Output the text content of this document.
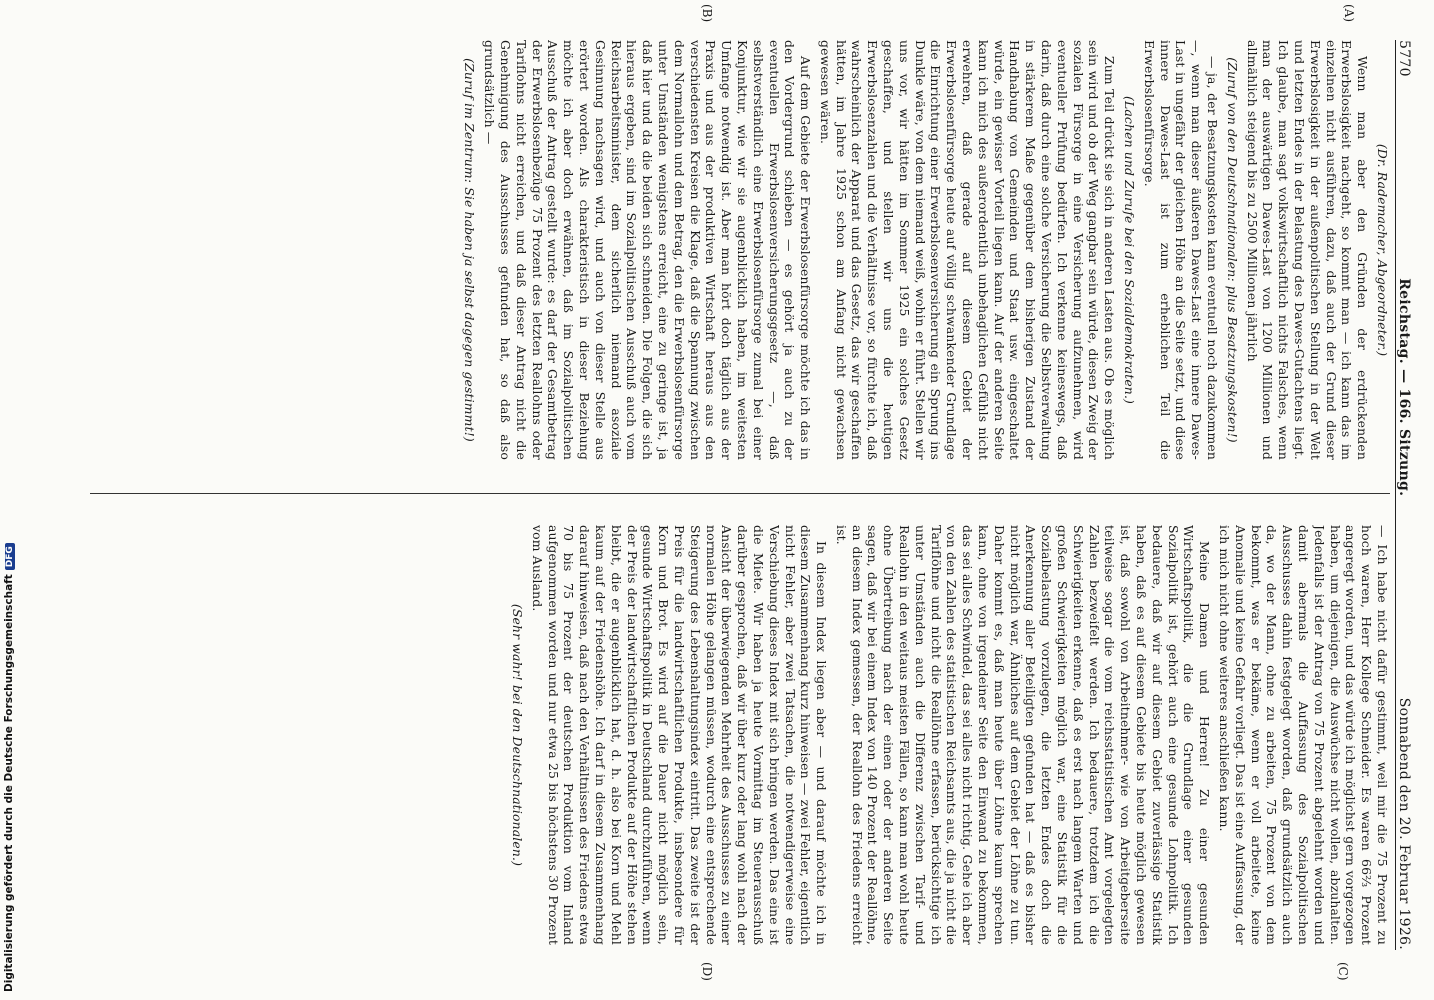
5770
Reichstag. — 166. Sitzung.
Sonnabend den 20. Februar 1926.
(A)
(B)
(C)
(D)

(Dr. Rademacher, Abgeordneter.)

Wenn man aber den Gründen der erdrückenden Erwerbslosigkeit nachgeht, so kommt man — ich kann das im einzelnen nicht ausführen, dazu, daß auch der Grund dieser Erwerbslosigkeit in der außenpolitischen Stellung in der Welt und letzten Endes in der Belastung des Dawes-Gutachtens liegt. Ich glaube, man sagt volkswirtschaftlich nichts Falsches, wenn man der auswärtigen Dawes-Last von 1200 Millionen und allmählich steigend bis zu 2500 Millionen jährlich

(Zuruf von den Deutschnationalen: plus Besatzungskosten!)

— ja, der Besatzungskosten kann eventuell noch dazukommen —, wenn man dieser äußeren Dawes-Last eine innere Dawes-Last in ungefähr der gleichen Höhe an die Seite setzt, und diese innere Dawes-Last ist zum erheblichen Teil die Erwerbslosenfürsorge.

(Lachen und Zurufe bei den Sozialdemokraten.)

Zum Teil drückt sie sich in anderen Lasten aus. Ob es möglich sein wird und ob der Weg gangbar sein würde, diesen Zweig der sozialen Fürsorge in eine Versicherung aufzunehmen, wird eventueller Prüfung bedürfen. Ich verkenne keineswegs, daß darin, daß durch eine solche Versicherung die Selbstverwaltung in stärkerem Maße gegenüber dem bisherigen Zustand der Handhabung von Gemeinden und Staat usw. eingeschaltet würde, ein gewisser Vorteil liegen kann. Auf der anderen Seite kann ich mich des außerordentlich unbehaglichen Gefühls nicht erwehren, daß gerade auf diesem Gebiet der Erwerbslosenfürsorge heute auf völlig schwankender Grundlage die Einrichtung einer Erwerbslosenversicherung ein Sprung ins Dunkle wäre, von dem niemand weiß, wohin er führt. Stellen wir uns vor, wir hätten im Sommer 1925 ein solches Gesetz geschaffen, und stellen wir uns die heutigen Erwerbslosenzahlen und die Verhältnisse vor, so fürchte ich, daß wahrscheinlich der Apparat und das Gesetz, das wir geschaffen hätten, im Jahre 1925 schon am Anfang nicht gewachsen gewesen wären.

Auf dem Gebiete der Erwerbslosenfürsorge möchte ich das in den Vordergrund schieben — es gehört ja auch zu der eventuellen Erwerbslosenversicherungsgesetz —, daß selbstverständlich eine Erwerbslosenfürsorge zumal bei einer Konjunktur, wie wir sie augenblicklich haben, im weitesten Umfange notwendig ist. Aber man hört doch täglich aus der Praxis und aus der produktiven Wirtschaft heraus aus den verschiedensten Kreisen die Klage, daß die Spannung zwischen dem Normallohn und dem Betrag, den die Erwerbslosenfürsorge unter Umständen wenigstens erreicht, eine zu geringe ist, ja daß hier und da die beiden sich schneiden. Die Folgen, die sich hieraus ergeben, sind im Sozialpolitischen Ausschuß auch vom Reichsarbeitsminister, dem sicherlich niemand asoziale Gesinnung nachsagen wird, und auch von dieser Stelle aus erörtert worden. Als charakteristisch in dieser Beziehung möchte ich aber doch erwähnen, daß im Sozialpolitischen Ausschuß der Antrag gestellt wurde: es darf der Gesamtbetrag der Erwerbslosenbezüge 75 Prozent des letzten Reallohns oder Tariflohns nicht erreichen, und daß dieser Antrag nicht die Genehmigung des Ausschusses gefunden hat, so daß also grundsätzlich —

(Zuruf im Zentrum: Sie haben ja selbst dagegen gestimmt!)

— Ich habe nicht dafür gestimmt, weil mir die 75 Prozent zu hoch waren, Herr Kollege Schneider. Es waren 66⅔ Prozent angeregt worden, und das würde ich möglichst gern vorgezogen haben, um diejenigen, die Auswüchse nicht wollen, abzuhalten. Jedenfalls ist der Antrag von 75 Prozent abgelehnt worden und damit abermals die Auffassung des Sozialpolitischen Ausschusses dahin festgelegt worden, daß grundsätzlich auch da, wo der Mann, ohne zu arbeiten, 75 Prozent von dem bekommt, was er bekäme, wenn er voll arbeitete, keine Anomalie und keine Gefahr vorliegt. Das ist eine Auffassung, der ich mich nicht ohne weiteres anschließen kann.

Meine Damen und Herren! Zu einer gesunden Wirtschaftspolitik, die die Grundlage einer gesunden Sozialpolitik ist, gehört auch eine gesunde Lohnpolitik. Ich bedauere, daß wir auf diesem Gebiet zuverlässige Statistik haben, daß es auf diesem Gebiete bis heute möglich gewesen ist, daß sowohl von Arbeitnehmer- wie von Arbeitgeberseite teilweise sogar die vom reichsstatistischen Amt vorgelegten Zahlen bezweifelt werden. Ich bedauere, trotzdem ich die Schwierigkeiten erkenne, daß es erst nach langem Warten und großen Schwierigkeiten möglich war, eine Statistik für die Sozialbelastung vorzulegen, die letzten Endes doch die Anerkennung aller Beteiligten gefunden hat — daß es bisher nicht möglich war, Ähnliches auf dem Gebiet der Löhne zu tun. Daher kommt es, daß man heute über Löhne kaum sprechen kann, ohne von irgendeiner Seite den Einwand zu bekommen, das sei alles Schwindel, das sei alles nicht richtig. Gehe ich aber von den Zahlen des statistischen Reichsamts aus, die ja nicht die Tariflöhne und nicht die Reallöhne erfassen, berücksichtige ich unter Umständen auch die Differenz zwischen Tarif- und Reallohn in den weitaus meisten Fällen, so kann man wohl heute ohne Übertreibung nach der einen oder der anderen Seite sagen, daß wir bei einem Index von 140 Prozent der Reallöhne, an diesem Index gemessen, der Reallohn des Friedens erreicht ist.

In diesem Index liegen aber — und darauf möchte ich in diesem Zusammenhang kurz hinweisen — zwei Fehler, eigentlich nicht Fehler, aber zwei Tatsachen, die notwendigerweise eine Verschiebung dieses Index mit sich bringen werden. Das eine ist die Miete. Wir haben ja heute Vormittag im Steuerausschuß darüber gesprochen, daß wir über kurz oder lang wohl nach der Ansicht der überwiegenden Mehrheit des Ausschusses zu einer normalen Höhe gelangen müssen, wodurch eine entsprechende Steigerung des Lebenshaltungsindex eintritt. Das zweite ist der Preis für die landwirtschaftlichen Produkte, insbesondere für Korn und Brot. Es wird auf die Dauer nicht möglich sein, gesunde Wirtschaftspolitik in Deutschland durchzuführen, wenn der Preis der landwirtschaftlichen Produkte auf der Höhe stehen bleibt, die er augenblicklich hat, d. h. also bei Korn und Mehl kaum auf der Friedenshöhe. Ich darf in diesem Zusammenhang darauf hinweisen, daß nach den Verhältnissen des Friedens etwa 70 bis 75 Prozent der deutschen Produktion vom Inland aufgenommen worden und nur etwa 25 bis höchstens 30 Prozent vom Ausland.

(Sehr wahr! bei den Deutschnationalen.)

Digitalisierung gefördert durch die Deutsche ForschungsgemeinschaftDFG
